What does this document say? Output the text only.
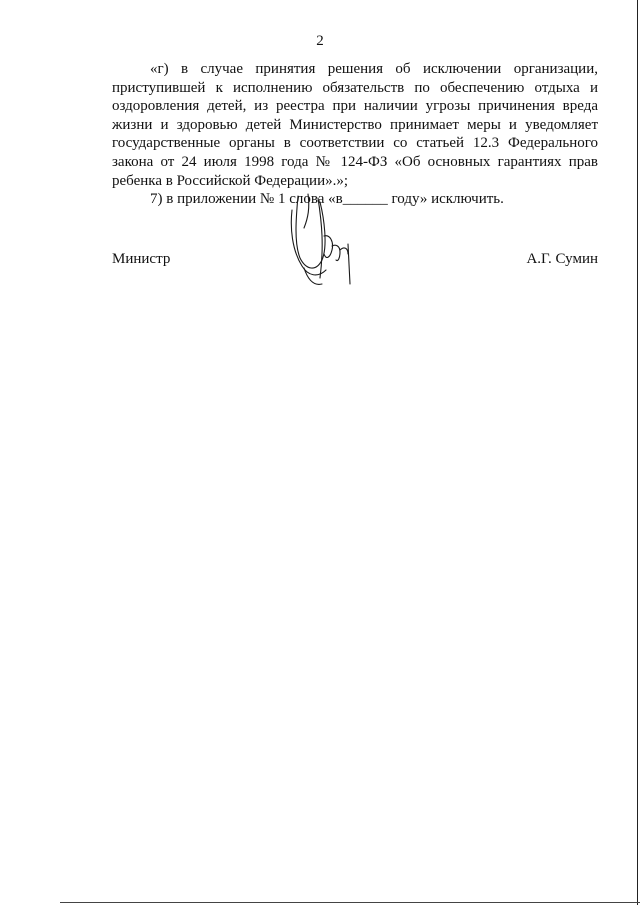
2

«г) в случае принятия решения об исключении организации, приступившей к исполнению обязательств по обеспечению отдыха и оздоровления детей, из реестра при наличии угрозы причинения вреда жизни и здоровью детей Министерство принимает меры и уведомляет государственные органы в соответствии со статьей 12.3 Федерального закона от 24 июля 1998 года № 124-ФЗ «Об основных гарантиях прав ребенка в Российской Федерации».»;

7) в приложении № 1 слова «в______ году» исключить.

Министр	А.Г. Сумин
